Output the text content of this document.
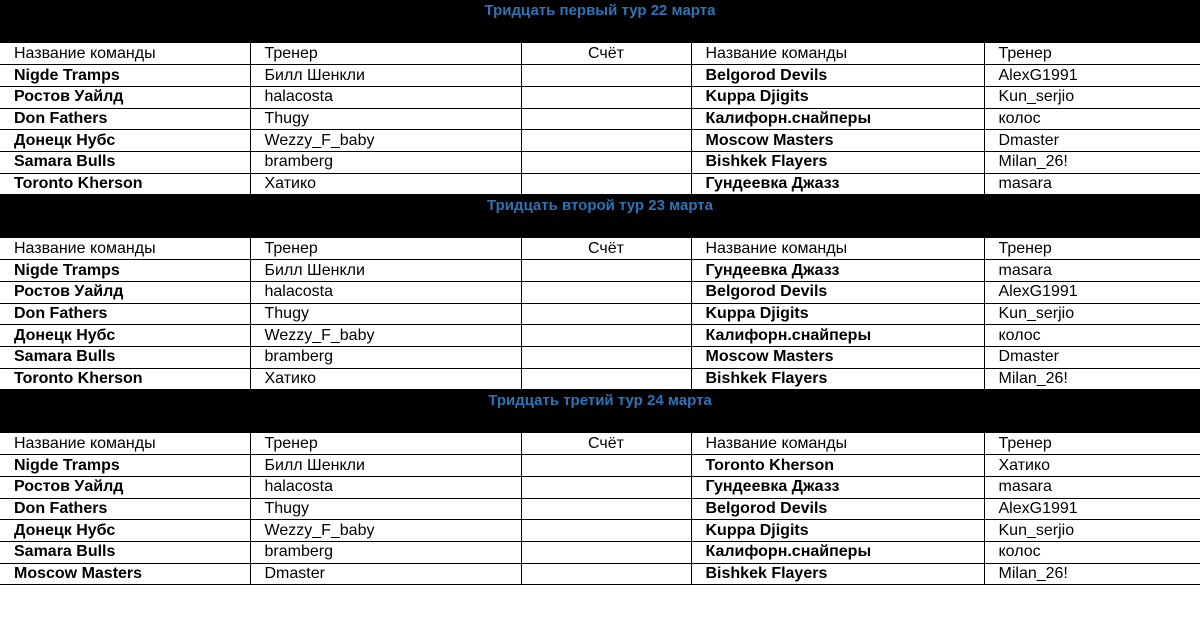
Тридцать первый тур 22 марта
Название команды	Тренер	Счёт	Название команды	Тренер
Nigde Tramps	Билл Шенкли		Belgorod Devils	AlexG1991
Ростов Уайлд	halacosta		Kuppa Djigits	Kun_serjio
Don Fathers	Thugy		Калифорн.снайперы	колос
Донецк Нубс	Wezzy_F_baby		Moscow Masters	Dmaster
Samara Bulls	bramberg		Bishkek Flayers	Milan_26!
Toronto Kherson	Хатико		Гундеевка Джазз	masara
Тридцать второй тур 23 марта
Название команды	Тренер	Счёт	Название команды	Тренер
Nigde Tramps	Билл Шенкли		Гундеевка Джазз	masara
Ростов Уайлд	halacosta		Belgorod Devils	AlexG1991
Don Fathers	Thugy		Kuppa Djigits	Kun_serjio
Донецк Нубс	Wezzy_F_baby		Калифорн.снайперы	колос
Samara Bulls	bramberg		Moscow Masters	Dmaster
Toronto Kherson	Хатико		Bishkek Flayers	Milan_26!
Тридцать третий тур 24 марта
Название команды	Тренер	Счёт	Название команды	Тренер
Nigde Tramps	Билл Шенкли		Toronto Kherson	Хатико
Ростов Уайлд	halacosta		Гундеевка Джазз	masara
Don Fathers	Thugy		Belgorod Devils	AlexG1991
Донецк Нубс	Wezzy_F_baby		Kuppa Djigits	Kun_serjio
Samara Bulls	bramberg		Калифорн.снайперы	колос
Moscow Masters	Dmaster		Bishkek Flayers	Milan_26!
